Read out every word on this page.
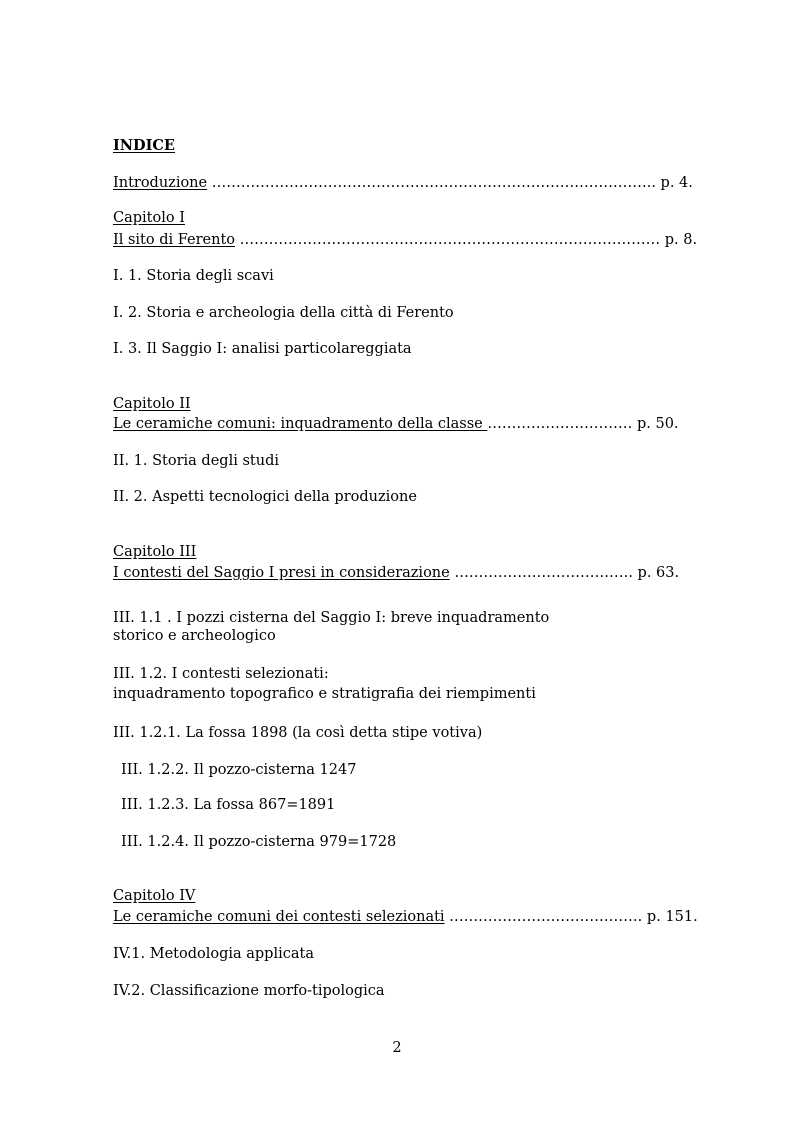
INDICE
Introduzione ……………………………………………………………………………….. p. 4.
Capitolo I
Il sito di Ferento …………………………………………………………………………… p. 8.
I. 1. Storia degli scavi
I. 2. Storia e archeologia della città di Ferento
I. 3. Il Saggio I: analisi particolareggiata
Capitolo II
Le ceramiche comuni: inquadramento della classe ………………………… p. 50.
II. 1. Storia degli studi
II. 2. Aspetti tecnologici della produzione
Capitolo III
I contesti del Saggio I presi in considerazione ………………………………. p. 63.
III. 1.1 . I pozzi cisterna del Saggio I: breve inquadramento
storico e archeologico
III. 1.2. I contesti selezionati:
inquadramento topografico e stratigrafia dei riempimenti
III. 1.2.1. La fossa 1898 (la così detta stipe votiva)
III. 1.2.2. Il pozzo-cisterna 1247
III. 1.2.3. La fossa 867=1891
III. 1.2.4. Il pozzo-cisterna 979=1728
Capitolo IV
Le ceramiche comuni dei contesti selezionati …………………………………. p. 151.
IV.1. Metodologia applicata
IV.2. Classificazione morfo-tipologica
2
